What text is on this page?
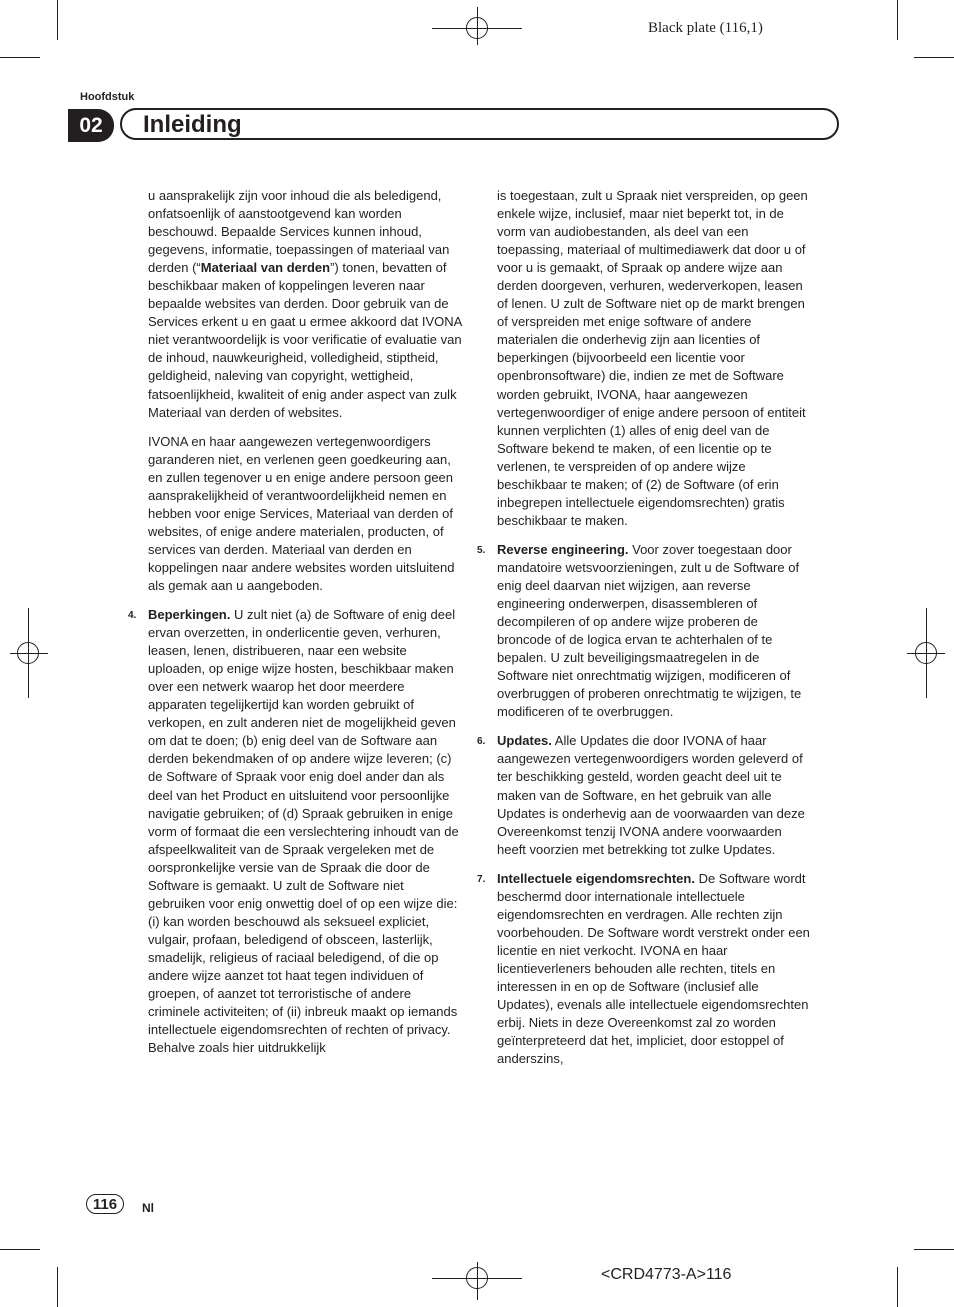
Black plate (116,1)
<CRD4773-A>116
Hoofdstuk
02	Inleiding

u aansprakelijk zijn voor inhoud die als beledigend, onfatsoenlijk of aanstootgevend kan worden beschouwd. Bepaalde Services kunnen inhoud, gegevens, informatie, toepassingen of materiaal van derden (“Materiaal van derden”) tonen, bevatten of beschikbaar maken of koppelingen leveren naar bepaalde websites van derden. Door gebruik van de Services erkent u en gaat u ermee akkoord dat IVONA niet verantwoordelijk is voor verificatie of evaluatie van de inhoud, nauwkeurigheid, volledigheid, stiptheid, geldigheid, naleving van copyright, wettigheid, fatsoenlijkheid, kwaliteit of enig ander aspect van zulk Materiaal van derden of websites.

IVONA en haar aangewezen vertegenwoordigers garanderen niet, en verlenen geen goedkeuring aan, en zullen tegenover u en enige andere persoon geen aansprakelijkheid of verantwoordelijkheid nemen en hebben voor enige Services, Materiaal van derden of websites, of enige andere materialen, producten, of services van derden. Materiaal van derden en koppelingen naar andere websites worden uitsluitend als gemak aan u aangeboden.

4. Beperkingen. U zult niet (a) de Software of enig deel ervan overzetten, in onderlicentie geven, verhuren, leasen, lenen, distribueren, naar een website uploaden, op enige wijze hosten, beschikbaar maken over een netwerk waarop het door meerdere apparaten tegelijkertijd kan worden gebruikt of verkopen, en zult anderen niet de mogelijkheid geven om dat te doen; (b) enig deel van de Software aan derden bekendmaken of op andere wijze leveren; (c) de Software of Spraak voor enig doel ander dan als deel van het Product en uitsluitend voor persoonlijke navigatie gebruiken; of (d) Spraak gebruiken in enige vorm of formaat die een verslechtering inhoudt van de afspeelkwaliteit van de Spraak vergeleken met de oorspronkelijke versie van de Spraak die door de Software is gemaakt. U zult de Software niet gebruiken voor enig onwettig doel of op een wijze die: (i) kan worden beschouwd als seksueel expliciet, vulgair, profaan, beledigend of obsceen, lasterlijk, smadelijk, religieus of raciaal beledigend, of die op andere wijze aanzet tot haat tegen individuen of groepen, of aanzet tot terroristische of andere criminele activiteiten; of (ii) inbreuk maakt op iemands intellectuele eigendomsrechten of rechten of privacy. Behalve zoals hier uitdrukkelijk

is toegestaan, zult u Spraak niet verspreiden, op geen enkele wijze, inclusief, maar niet beperkt tot, in de vorm van audiobestanden, als deel van een toepassing, materiaal of multimediawerk dat door u of voor u is gemaakt, of Spraak op andere wijze aan derden doorgeven, verhuren, wederverkopen, leasen of lenen. U zult de Software niet op de markt brengen of verspreiden met enige software of andere materialen die onderhevig zijn aan licenties of beperkingen (bijvoorbeeld een licentie voor openbronsoftware) die, indien ze met de Software worden gebruikt, IVONA, haar aangewezen vertegenwoordiger of enige andere persoon of entiteit kunnen verplichten (1) alles of enig deel van de Software bekend te maken, of een licentie op te verlenen, te verspreiden of op andere wijze beschikbaar te maken; of (2) de Software (of erin inbegrepen intellectuele eigendomsrechten) gratis beschikbaar te maken.

5. Reverse engineering. Voor zover toegestaan door mandatoire wetsvoorzieningen, zult u de Software of enig deel daarvan niet wijzigen, aan reverse engineering onderwerpen, disassembleren of decompileren of op andere wijze proberen de broncode of de logica ervan te achterhalen of te bepalen. U zult beveiligingsmaatregelen in de Software niet onrechtmatig wijzigen, modificeren of overbruggen of proberen onrechtmatig te wijzigen, te modificeren of te overbruggen.
6. Updates. Alle Updates die door IVONA of haar aangewezen vertegenwoordigers worden geleverd of ter beschikking gesteld, worden geacht deel uit te maken van de Software, en het gebruik van alle Updates is onderhevig aan de voorwaarden van deze Overeenkomst tenzij IVONA andere voorwaarden heeft voorzien met betrekking tot zulke Updates.
7. Intellectuele eigendomsrechten. De Software wordt beschermd door internationale intellectuele eigendomsrechten en verdragen. Alle rechten zijn voorbehouden. De Software wordt verstrekt onder een licentie en niet verkocht. IVONA en haar licentieverleners behouden alle rechten, titels en interessen in en op de Software (inclusief alle Updates), evenals alle intellectuele eigendomsrechten erbij. Niets in deze Overeenkomst zal zo worden geïnterpreteerd dat het, impliciet, door estoppel of anderszins,
116	Nl
